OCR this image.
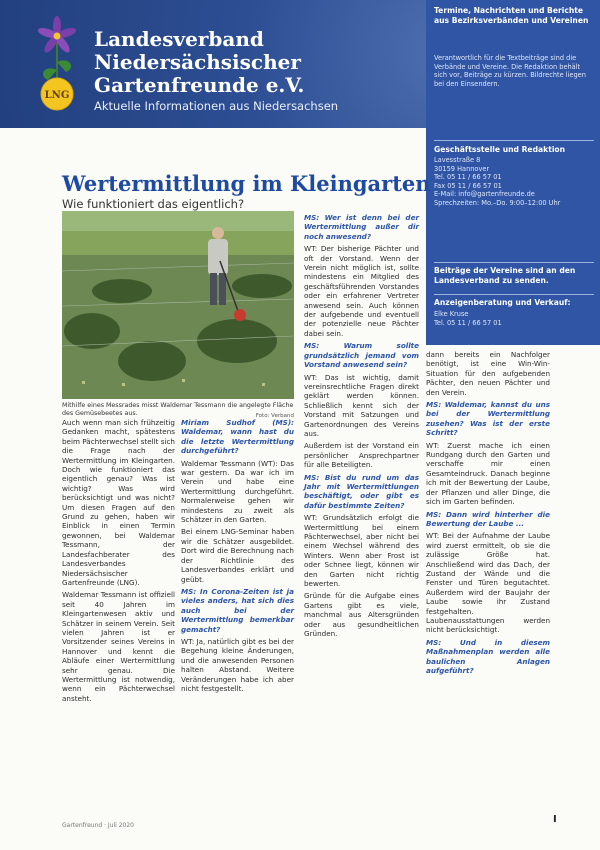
LNG
Landesverband
Niedersächsischer
Gartenfreunde e.V.
Aktuelle Informationen aus Niedersachsen
Termine, Nachrichten und Berichte aus Bezirksverbänden und Vereinen
Verantwortlich für die Textbeiträge sind die Verbände und Vereine. Die Redaktion behält sich vor, Beiträge zu kürzen. Bildrechte liegen bei den Einsendern.
Geschäftsstelle und Redaktion
Lavesstraße 8
30159 Hannover
Tel. 05 11 / 66 57 01
Fax 05 11 / 66 57 01
E-Mail: info@gartenfreunde.de
Sprechzeiten: Mo.–Do. 9:00–12:00 Uhr
Beiträge der Vereine sind an den Landesverband zu senden.
Anzeigenberatung und Verkauf:
Elke Kruse
Tel. 05 11 / 66 57 01
Wertermittlung im Kleingarten
Wie funktioniert das eigentlich?
Mithilfe eines Messrades misst Waldemar Tessmann die angelegte Fläche des Gemüsebeetes aus.	Foto: Verband

Auch wenn man sich frühzeitig Gedanken macht, spätestens beim Pächterwechsel stellt sich die Frage nach der Wertermittlung im Kleingarten. Doch wie funktioniert das eigentlich genau? Was ist wichtig? Was wird berücksichtigt und was nicht? Um diesen Fragen auf den Grund zu gehen, haben wir Einblick in einen Termin gewonnen, bei Waldemar Tessmann, der Landesfachberater des Landesverbandes Niedersächsischer Gartenfreunde (LNG).

Waldemar Tessmann ist offiziell seit 40 Jahren im Kleingartenwesen aktiv und Schätzer in seinem Verein. Seit vielen Jahren ist er Vorsitzender seines Vereins in Hannover und kennt die Abläufe einer Wertermittlung sehr genau. Die Wertermittlung ist notwendig, wenn ein Pächterwechsel ansteht.

Miriam Sudhof (MS): Waldemar, wann hast du die letzte Wertermittlung durchgeführt?

Waldemar Tessmann (WT): Das war gestern. Da war ich im Verein und habe eine Wertermittlung durchgeführt. Normalerweise gehen wir mindestens zu zweit als Schätzer in den Garten.

Bei einem LNG-Seminar haben wir die Schätzer ausgebildet. Dort wird die Berechnung nach der Richtlinie des Landesverbandes erklärt und geübt.

MS: In Corona-Zeiten ist ja vieles anders, hat sich dies auch bei der Wertermittlung bemerkbar gemacht?

WT: Ja, natürlich gibt es bei der Begehung kleine Änderungen, und die anwesenden Personen halten Abstand. Weitere Veränderungen habe ich aber nicht festgestellt.

MS: Wer ist denn bei der Wertermittlung außer dir noch anwesend?

WT: Der bisherige Pächter und oft der Vorstand. Wenn der Verein nicht möglich ist, sollte mindestens ein Mitglied des geschäftsführenden Vorstandes oder ein erfahrener Vertreter anwesend sein. Auch können der aufgebende und eventuell der potenzielle neue Pächter dabei sein.

MS: Warum sollte grundsätzlich jemand vom Vorstand anwesend sein?

WT: Das ist wichtig, damit vereinsrechtliche Fragen direkt geklärt werden können. Schließlich kennt sich der Vorstand mit Satzungen und Gartenordnungen des Vereins aus.

Außerdem ist der Vorstand ein persönlicher Ansprechpartner für alle Beteiligten.

MS: Bist du rund um das Jahr mit Wertermittlungen beschäftigt, oder gibt es dafür bestimmte Zeiten?

WT: Grundsätzlich erfolgt die Wertermittlung bei einem Pächterwechsel, aber nicht bei einem Wechsel während des Winters. Wenn aber Frost ist oder Schnee liegt, können wir den Garten nicht richtig bewerten.

Gründe für die Aufgabe eines Gartens gibt es viele, manchmal aus Altersgründen oder aus gesundheitlichen Gründen.

dann bereits ein Nachfolger benötigt, ist eine Win-Win-Situation für den aufgebenden Pächter, den neuen Pächter und den Verein.

MS: Waldemar, kannst du uns bei der Wertermittlung zusehen? Was ist der erste Schritt?

WT: Zuerst mache ich einen Rundgang durch den Garten und verschaffe mir einen Gesamteindruck. Danach beginne ich mit der Bewertung der Laube, der Pflanzen und aller Dinge, die sich im Garten befinden.

MS: Dann wird hinterher die Bewertung der Laube ...

WT: Bei der Aufnahme der Laube wird zuerst ermittelt, ob sie die zulässige Größe hat. Anschließend wird das Dach, der Zustand der Wände und die Fenster und Türen begutachtet. Außerdem wird der Baujahr der Laube sowie ihr Zustand festgehalten. Laubenausstattungen werden nicht berücksichtigt.

MS: Und in diesem Maßnahmenplan werden alle baulichen Anlagen aufgeführt?

Gartenfreund · Juli 2020
I
